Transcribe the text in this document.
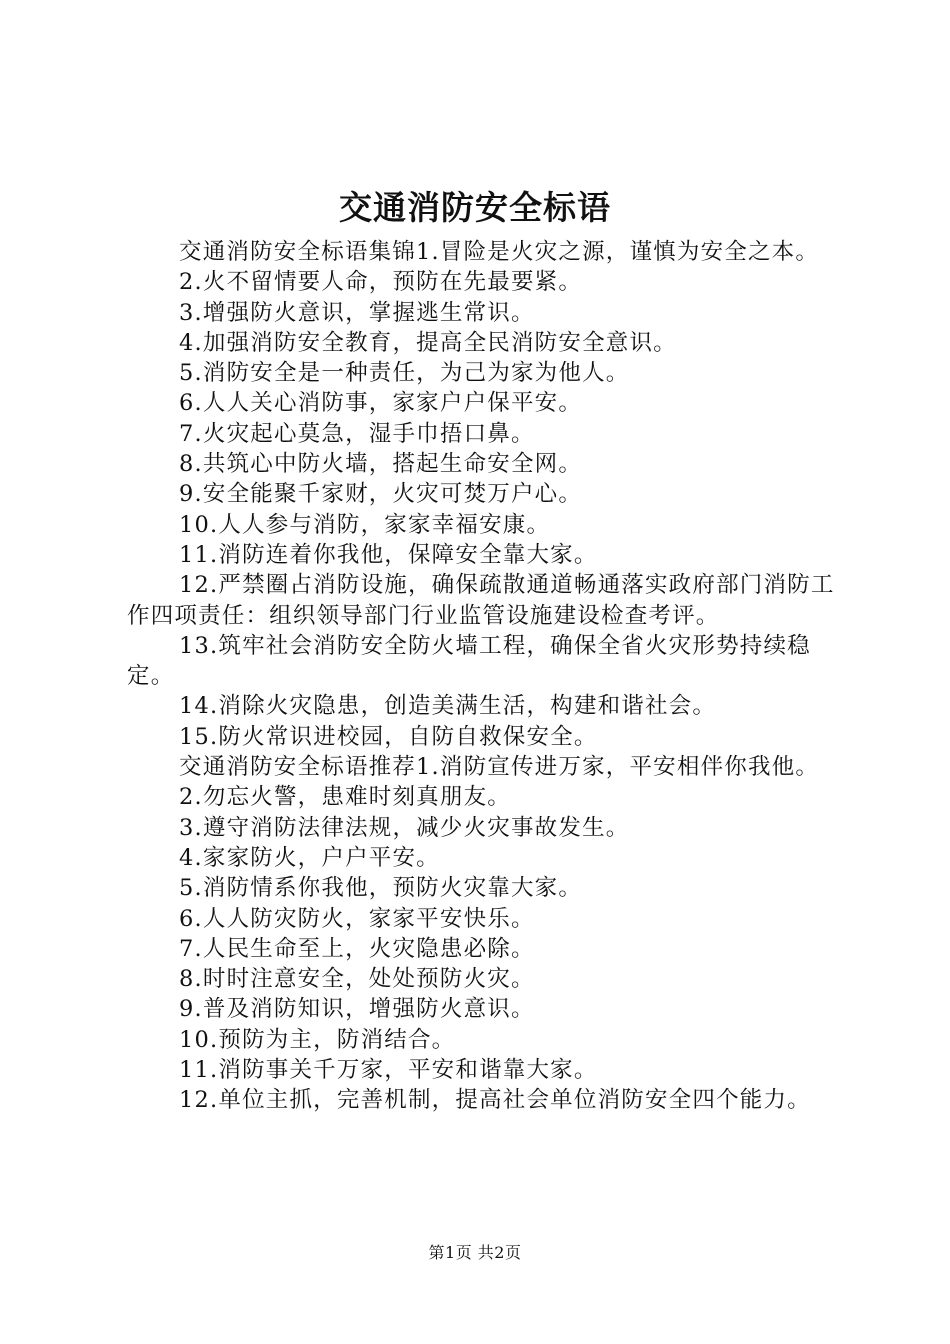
交通消防安全标语

交通消防安全标语集锦1.冒险是火灾之源，谨慎为安全之本。

2.火不留情要人命，预防在先最要紧。

3.增强防火意识，掌握逃生常识。

4.加强消防安全教育，提高全民消防安全意识。

5.消防安全是一种责任，为己为家为他人。

6.人人关心消防事，家家户户保平安。

7.火灾起心莫急，湿手巾捂口鼻。

8.共筑心中防火墙，搭起生命安全网。

9.安全能聚千家财，火灾可焚万户心。

10.人人参与消防，家家幸福安康。

11.消防连着你我他，保障安全靠大家。

12.严禁圈占消防设施，确保疏散通道畅通落实政府部门消防工作四项责任：组织领导部门行业监管设施建设检查考评。

13.筑牢社会消防安全防火墙工程，确保全省火灾形势持续稳定。

14.消除火灾隐患，创造美满生活，构建和谐社会。

15.防火常识进校园，自防自救保安全。

交通消防安全标语推荐1.消防宣传进万家，平安相伴你我他。

2.勿忘火警，患难时刻真朋友。

3.遵守消防法律法规，减少火灾事故发生。

4.家家防火，户户平安。

5.消防情系你我他，预防火灾靠大家。

6.人人防灾防火，家家平安快乐。

7.人民生命至上，火灾隐患必除。

8.时时注意安全，处处预防火灾。

9.普及消防知识，增强防火意识。

10.预防为主，防消结合。

11.消防事关千万家，平安和谐靠大家。

12.单位主抓，完善机制，提高社会单位消防安全四个能力。

第1页 共2页
